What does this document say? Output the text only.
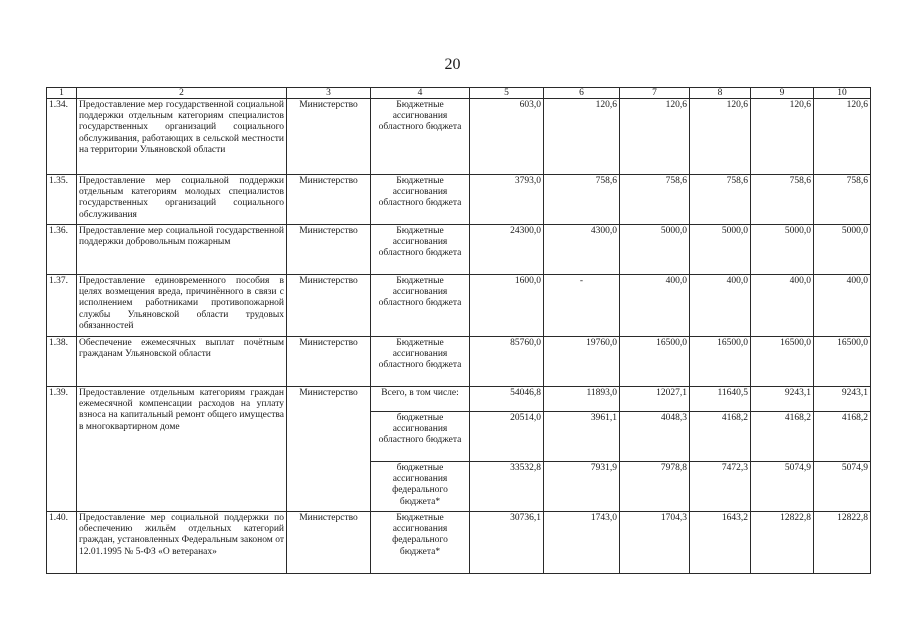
20
1	2	3	4	5	6	7	8	9	10
1.34.	Предоставление мер государственной социальной поддержки отдельным категориям специалистов государственных организаций социального обслуживания, работающих в сельской местности на территории Ульяновской области	Министерство	Бюджетные ассигнования областного бюджета	603,0	120,6	120,6	120,6	120,6	120,6
1.35.	Предоставление мер социальной поддержки отдельным категориям молодых специалистов государственных организаций социального обслуживания	Министерство	Бюджетные ассигнования областного бюджета	3793,0	758,6	758,6	758,6	758,6	758,6
1.36.	Предоставление мер социальной государственной поддержки добровольным пожарным	Министерство	Бюджетные ассигнования областного бюджета	24300,0	4300,0	5000,0	5000,0	5000,0	5000,0
1.37.	Предоставление единовременного пособия в целях возмещения вреда, причинённого в связи с исполнением работниками противопожарной службы Ульяновской области трудовых обязанностей	Министерство	Бюджетные ассигнования областного бюджета	1600,0	-	400,0	400,0	400,0	400,0
1.38.	Обеспечение ежемесячных выплат почётным гражданам Ульяновской области	Министерство	Бюджетные ассигнования областного бюджета	85760,0	19760,0	16500,0	16500,0	16500,0	16500,0
1.39.	Предоставление отдельным категориям граждан ежемесячной компенсации расходов на уплату взноса на капитальный ремонт общего имущества в многоквартирном доме	Министерство	Всего, в том числе:	54046,8	11893,0	12027,1	11640,5	9243,1	9243,1
			бюджетные ассигнования областного бюджета	20514,0	3961,1	4048,3	4168,2	4168,2	4168,2
			бюджетные ассигнования федерального бюджета*	33532,8	7931,9	7978,8	7472,3	5074,9	5074,9
1.40.	Предоставление мер социальной поддержки по обеспечению жильём отдельных категорий граждан, установленных Федеральным законом от 12.01.1995 № 5-ФЗ «О ветеранах»	Министерство	Бюджетные ассигнования федерального бюджета*	30736,1	1743,0	1704,3	1643,2	12822,8	12822,8
